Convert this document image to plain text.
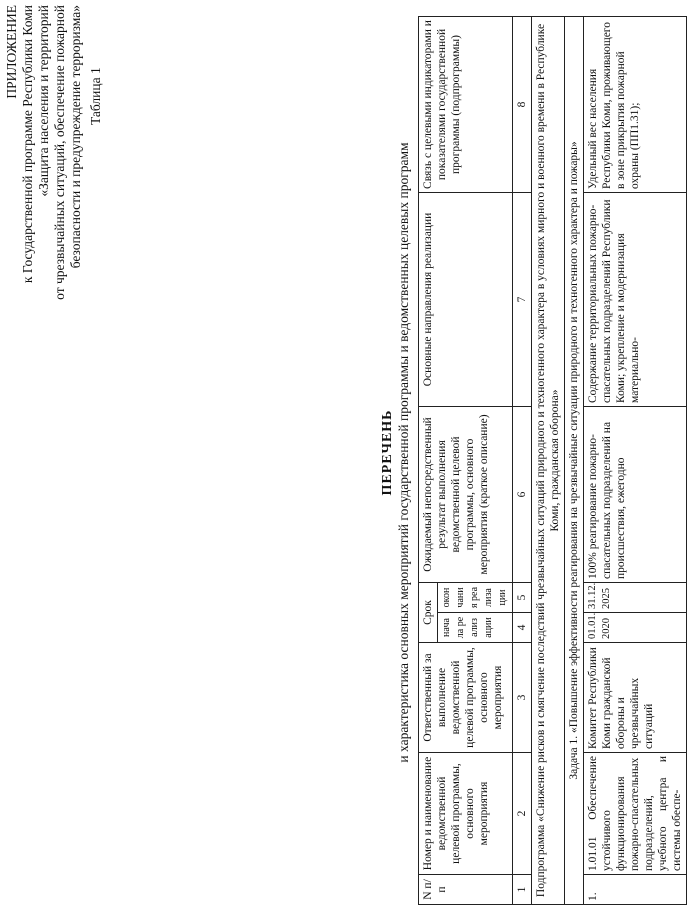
ПРИЛОЖЕНИЕ к Государственной программе Республики Коми «Защита населения и территорий от чрезвычайных ситуаций, обеспечение пожарной безопасности и предупреждение терроризма» Таблица 1
ПЕРЕЧЕНЬ и характеристика основных мероприятий государственной программы и ведомственных целевых программ
N п/п	Номер и наименование ведомственной целевой программы, основного мероприятия	Ответственный за выполнение ведомственной целевой программы, основного мероприятия	Срок		Ожидаемый непосредственный результат выполнения ведомственной целевой программы, основного мероприятия (краткое описание)	Основные направления реализации	Связь с целевыми индикаторами и показателями государственной программы (подпрограммы)
			начала реализации	окончания реализации			
1	2	3	4	5	6	7	8
Подпрограмма «Снижение рисков и смягчение последствий чрезвычайных ситуаций природного и техногенного характера в условиях мирного и военного времени в Республике Коми, гражданская оборона»							
Задача 1. «Повышение эффективности реагирования на чрезвычайные ситуации природного и техногенного характера и пожары»							
1.	1.01.01 Обеспечение устойчивого функционирования пожарно-спасательных подразделений, учебного центра и системы обеспе-	Комитет Республики Коми гражданской обороны и чрезвычайных ситуаций	01.01. 2020	31.12. 2025	100% реагирование пожарно-спасательных подразделений на происшествия, ежегодно	Содержание территориальных пожарно-спасательных подразделений Республики Коми; укрепление и модернизация материально-	Удельный вес населения Республики Коми, проживающего в зоне прикрытия пожарной охраны (ПП1.31);
